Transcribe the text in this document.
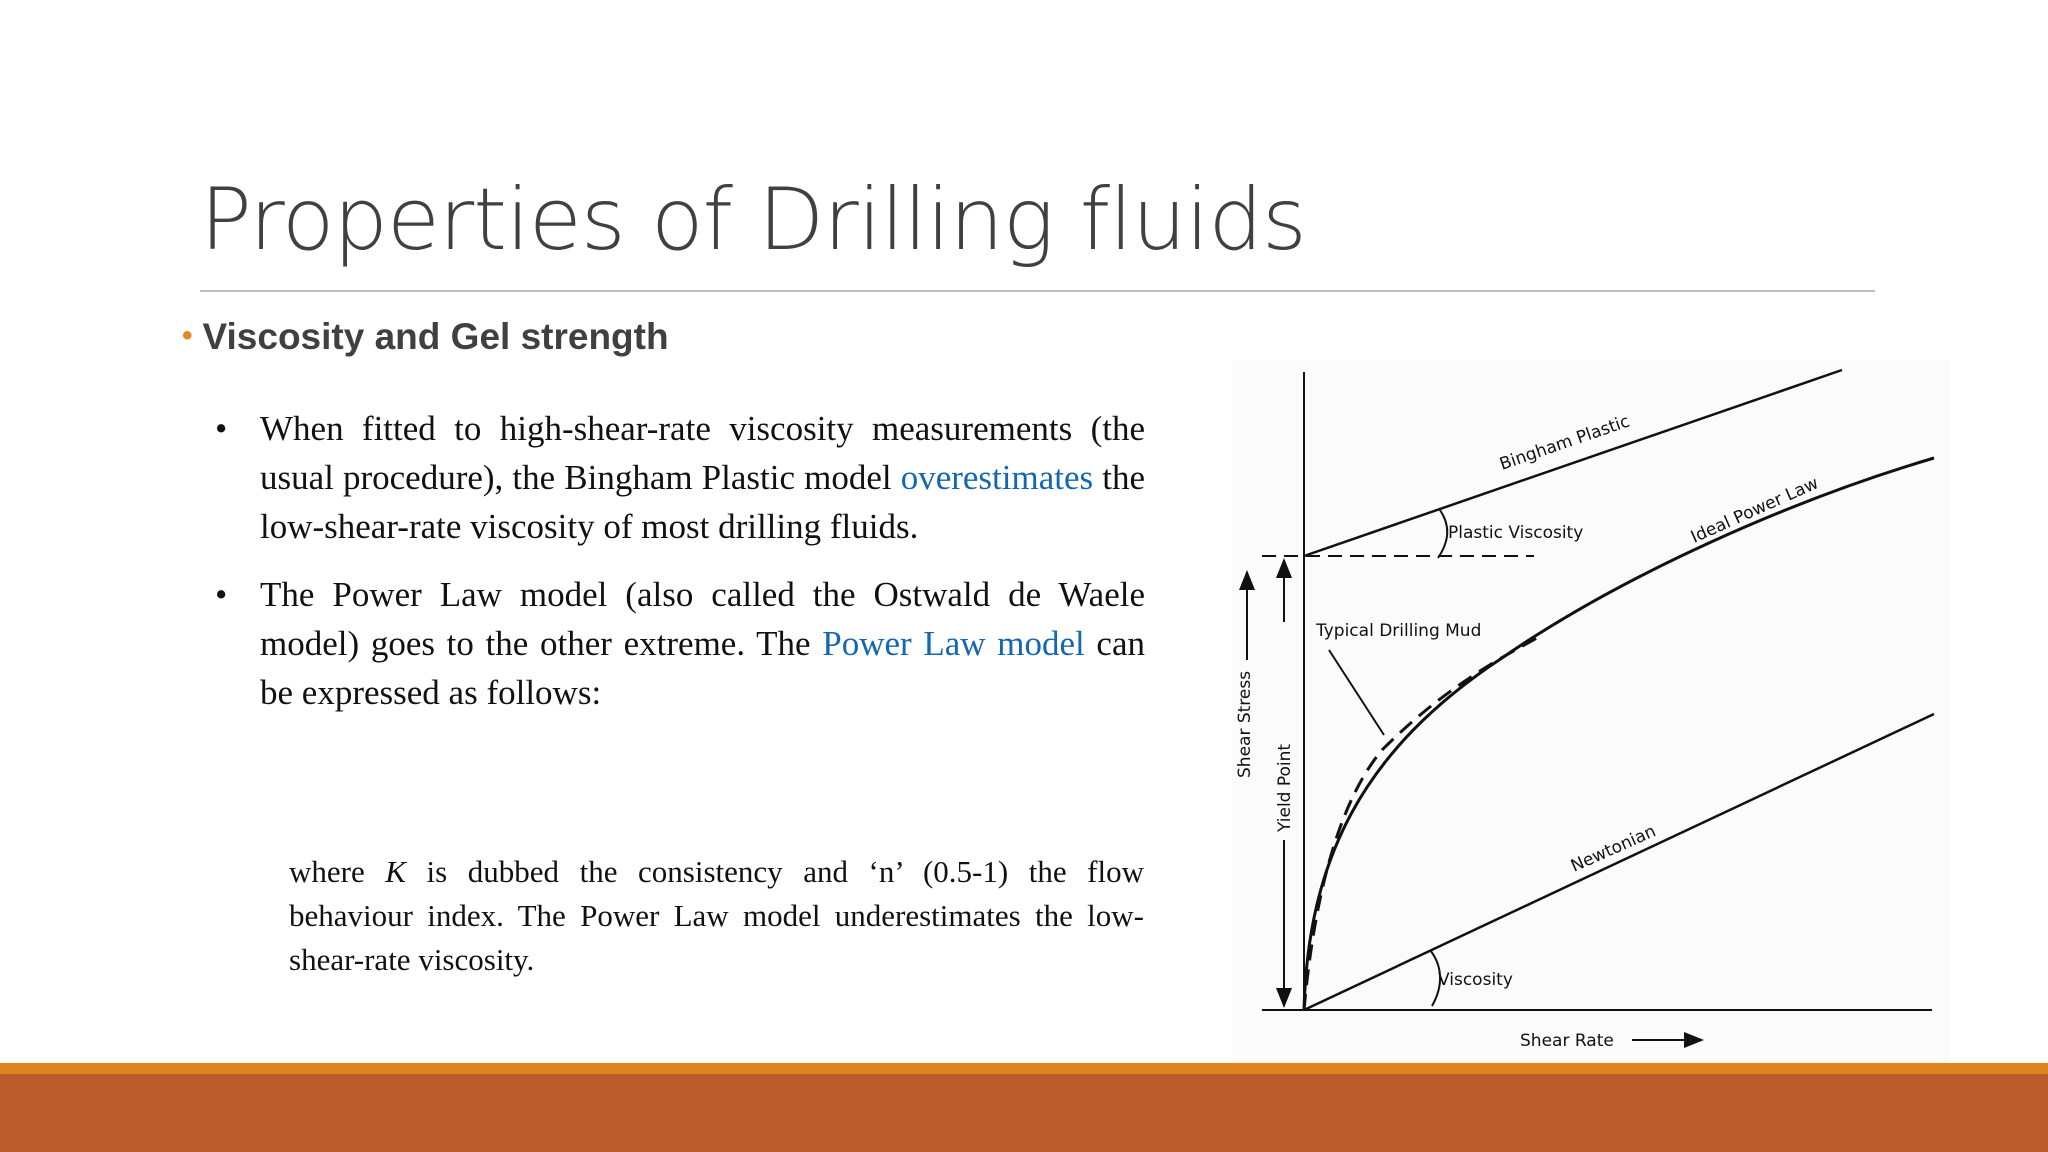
Properties of Drilling fluids
• Viscosity and Gel strength
• When fitted to high-shear-rate viscosity measurements (the usual procedure), the Bingham Plastic model overestimates the low-shear-rate viscosity of most drilling fluids.
• The Power Law model (also called the Ostwald de Waele model) goes to the other extreme. The Power Law model can be expressed as follows:
where K is dubbed the consistency and ‘n’ (0.5-1) the flow behaviour index. The Power Law model underestimates the low-shear-rate viscosity.
Bingham Plastic
Plastic Viscosity	Ideal Power Law
Typical Drilling Mud
Newtonian
Viscosity
Shear Stress
Yield Point
Shear Rate
